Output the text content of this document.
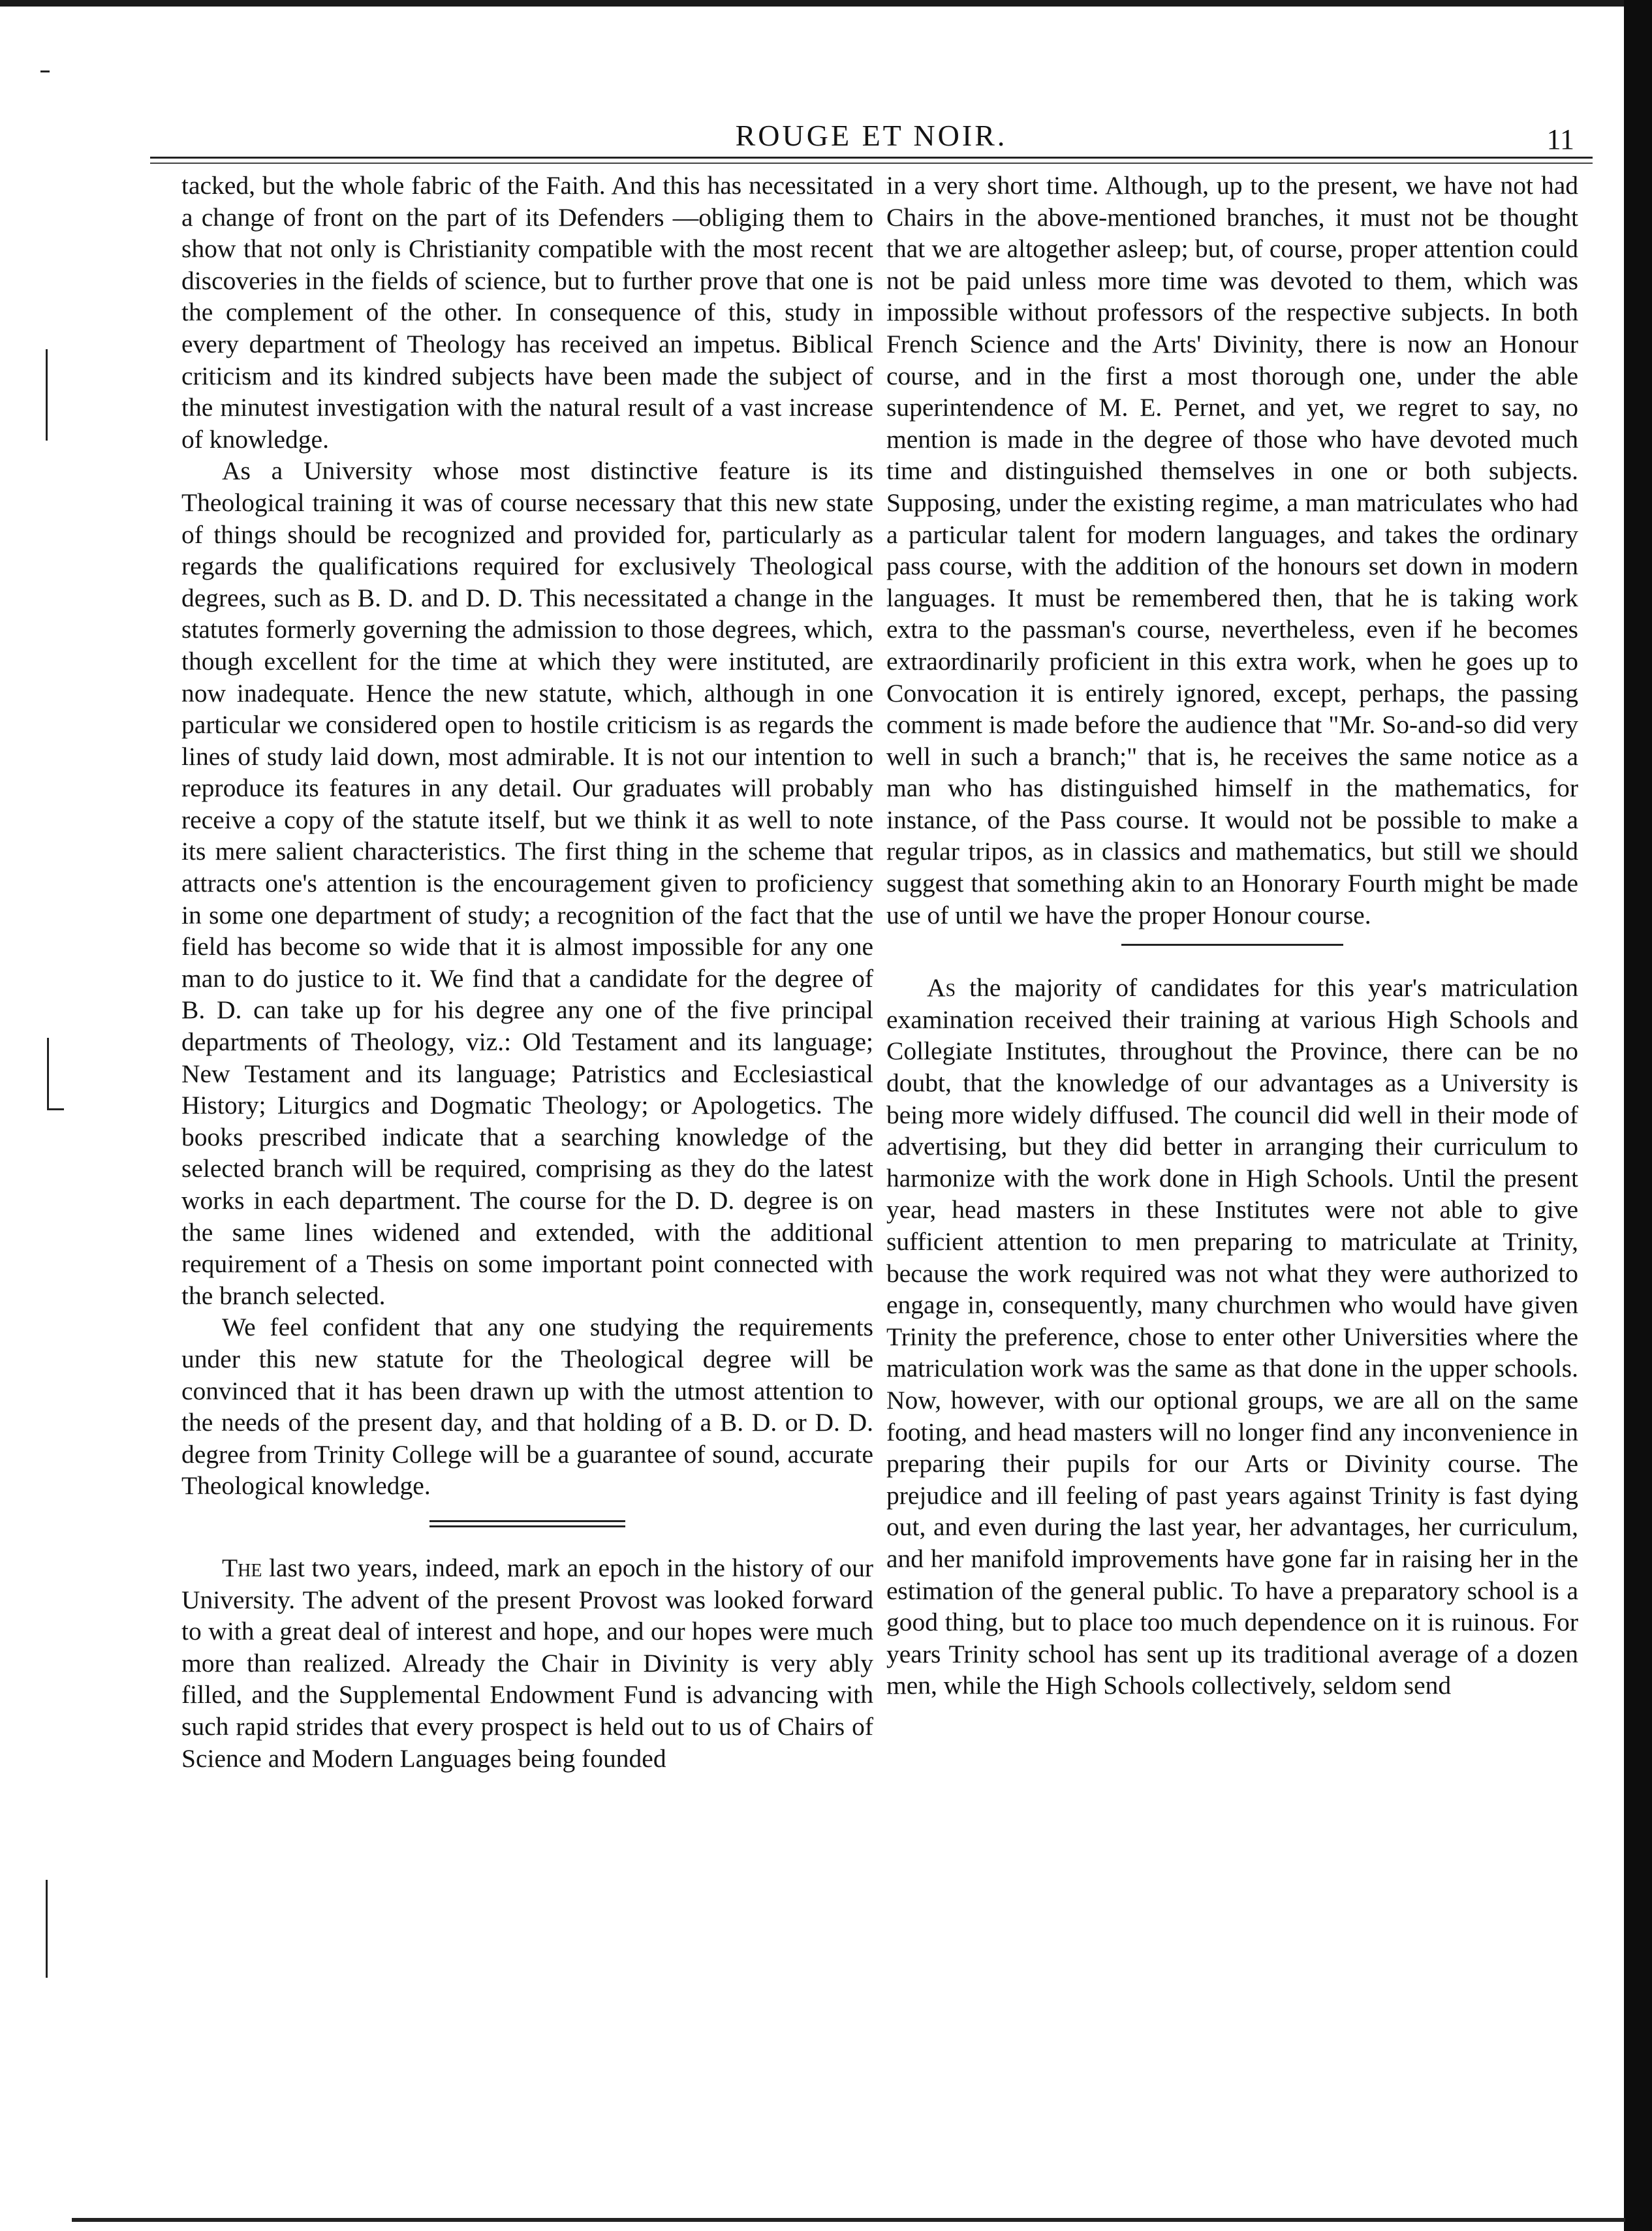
ROUGE ET NOIR.	11

tacked, but the whole fabric of the Faith. And this has necessitated a change of front on the part of its Defenders —obliging them to show that not only is Christianity compatible with the most recent discoveries in the fields of science, but to further prove that one is the complement of the other. In consequence of this, study in every department of Theology has received an impetus. Biblical criticism and its kindred subjects have been made the subject of the minutest investigation with the natural result of a vast increase of knowledge.

As a University whose most distinctive feature is its Theological training it was of course necessary that this new state of things should be recognized and provided for, particularly as regards the qualifications required for exclusively Theological degrees, such as B. D. and D. D. This necessitated a change in the statutes formerly governing the admission to those degrees, which, though excellent for the time at which they were instituted, are now inadequate. Hence the new statute, which, although in one particular we considered open to hostile criticism is as regards the lines of study laid down, most admirable. It is not our intention to reproduce its features in any detail. Our graduates will probably receive a copy of the statute itself, but we think it as well to note its mere salient characteristics. The first thing in the scheme that attracts one's attention is the encouragement given to proficiency in some one department of study; a recognition of the fact that the field has become so wide that it is almost impossible for any one man to do justice to it. We find that a candidate for the degree of B. D. can take up for his degree any one of the five principal departments of Theology, viz.: Old Testament and its language; New Testament and its language; Patristics and Ecclesiastical History; Liturgics and Dogmatic Theology; or Apologetics. The books prescribed indicate that a searching knowledge of the selected branch will be required, comprising as they do the latest works in each department. The course for the D. D. degree is on the same lines widened and extended, with the additional requirement of a Thesis on some important point connected with the branch selected.

We feel confident that any one studying the requirements under this new statute for the Theological degree will be convinced that it has been drawn up with the utmost attention to the needs of the present day, and that holding of a B. D. or D. D. degree from Trinity College will be a guarantee of sound, accurate Theological knowledge.

The last two years, indeed, mark an epoch in the history of our University. The advent of the present Provost was looked forward to with a great deal of interest and hope, and our hopes were much more than realized. Already the Chair in Divinity is very ably filled, and the Supplemental Endowment Fund is advancing with such rapid strides that every prospect is held out to us of Chairs of Science and Modern Languages being founded

in a very short time. Although, up to the present, we have not had Chairs in the above-mentioned branches, it must not be thought that we are altogether asleep; but, of course, proper attention could not be paid unless more time was devoted to them, which was impossible without professors of the respective subjects. In both French Science and the Arts' Divinity, there is now an Honour course, and in the first a most thorough one, under the able superintendence of M. E. Pernet, and yet, we regret to say, no mention is made in the degree of those who have devoted much time and distinguished themselves in one or both subjects. Supposing, under the existing regime, a man matriculates who had a particular talent for modern languages, and takes the ordinary pass course, with the addition of the honours set down in modern languages. It must be remembered then, that he is taking work extra to the passman's course, nevertheless, even if he becomes extraordinarily proficient in this extra work, when he goes up to Convocation it is entirely ignored, except, perhaps, the passing comment is made before the audience that "Mr. So-and-so did very well in such a branch;" that is, he receives the same notice as a man who has distinguished himself in the mathematics, for instance, of the Pass course. It would not be possible to make a regular tripos, as in classics and mathematics, but still we should suggest that something akin to an Honorary Fourth might be made use of until we have the proper Honour course.

As the majority of candidates for this year's matriculation examination received their training at various High Schools and Collegiate Institutes, throughout the Province, there can be no doubt, that the knowledge of our advantages as a University is being more widely diffused. The council did well in their mode of advertising, but they did better in arranging their curriculum to harmonize with the work done in High Schools. Until the present year, head masters in these Institutes were not able to give sufficient attention to men preparing to matriculate at Trinity, because the work required was not what they were authorized to engage in, consequently, many churchmen who would have given Trinity the preference, chose to enter other Universities where the matriculation work was the same as that done in the upper schools. Now, however, with our optional groups, we are all on the same footing, and head masters will no longer find any inconvenience in preparing their pupils for our Arts or Divinity course. The prejudice and ill feeling of past years against Trinity is fast dying out, and even during the last year, her advantages, her curriculum, and her manifold improvements have gone far in raising her in the estimation of the general public. To have a preparatory school is a good thing, but to place too much dependence on it is ruinous. For years Trinity school has sent up its traditional average of a dozen men, while the High Schools collectively, seldom send
